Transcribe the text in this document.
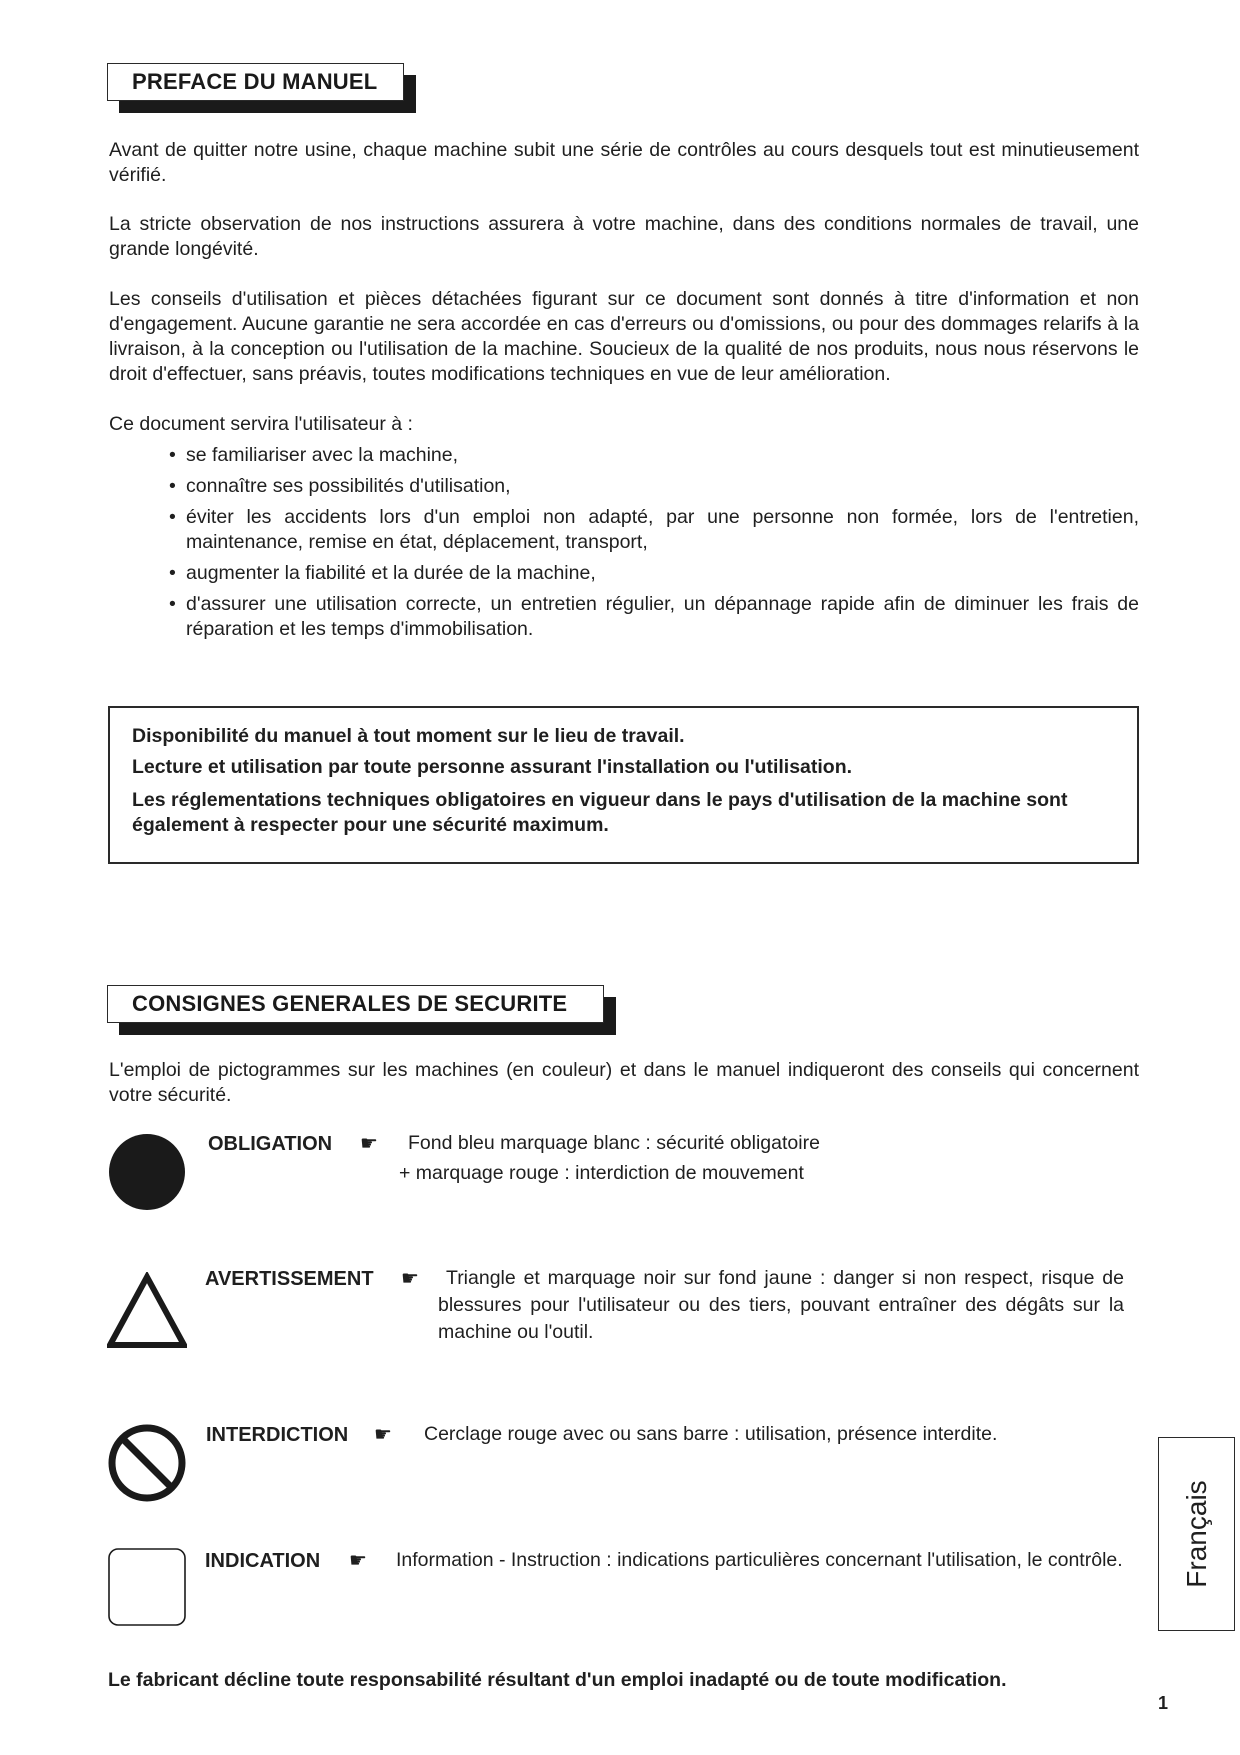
PREFACE DU MANUEL

Avant de quitter notre usine, chaque machine subit une série de contrôles au cours desquels tout est minutieusement vérifié.

La stricte observation de nos instructions assurera à votre machine, dans des conditions normales de travail, une grande longévité.

Les conseils d'utilisation et pièces détachées figurant sur ce document sont donnés à titre d'information et non d'engagement. Aucune garantie ne sera accordée en cas d'erreurs ou d'omissions, ou pour des dommages relarifs à la livraison, à la conception ou l'utilisation de la machine. Soucieux de la qualité de nos produits, nous nous réservons le droit d'effectuer, sans préavis, toutes modifications techniques en vue de leur amélioration.

Ce document servira l'utilisateur à :

• se familiariser avec la machine,
• connaître ses possibilités d'utilisation,
• éviter les accidents lors d'un emploi non adapté, par une personne non formée, lors de l'entretien, maintenance, remise en état, déplacement, transport,
• augmenter la fiabilité et la durée de la machine,
• d'assurer une utilisation correcte, un entretien régulier, un dépannage rapide afin de diminuer les frais de réparation et les temps d'immobilisation.

Disponibilité du manuel à tout moment sur le lieu de travail.

Lecture et utilisation par toute personne assurant l'installation ou l'utilisation.

Les réglementations techniques obligatoires en vigueur dans le pays d'utilisation de la machine sont également à respecter pour une sécurité maximum.

CONSIGNES GENERALES DE SECURITE

L'emploi de pictogrammes sur les machines (en couleur) et dans le manuel indiqueront des conseils qui concernent votre sécurité.

OBLIGATION ☛ Fond bleu marquage blanc : sécurité obligatoire
+ marquage rouge : interdiction de mouvement
AVERTISSEMENT ☛	Triangle et marquage noir sur fond jaune : danger si non respect, risque de blessures pour l'utilisateur ou des tiers, pouvant entraîner des dégâts sur la machine ou l'outil.
INTERDICTION ☛ Cerclage rouge avec ou sans barre : utilisation, présence interdite.
INDICATION ☛ Information - Instruction : indications particulières concernant l'utilisation, le contrôle.
Le fabricant décline toute responsabilité résultant d'un emploi inadapté ou de toute modification.
Français
1
